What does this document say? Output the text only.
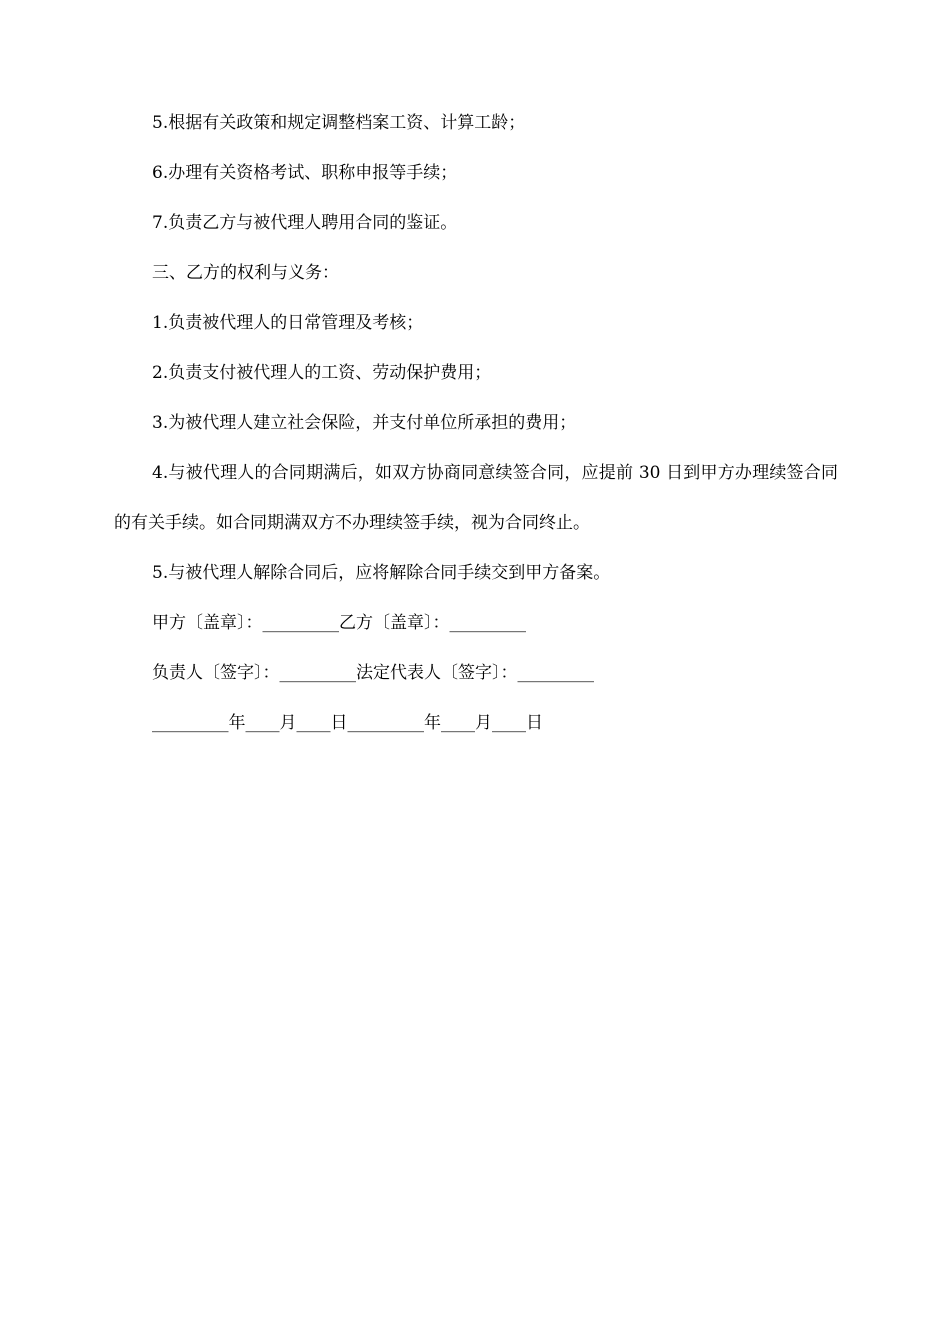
5.根据有关政策和规定调整档案工资、计算工龄；

6.办理有关资格考试、职称申报等手续；

7.负责乙方与被代理人聘用合同的鉴证。

三、乙方的权利与义务：

1.负责被代理人的日常管理及考核；

2.负责支付被代理人的工资、劳动保护费用；

3.为被代理人建立社会保险，并支付单位所承担的费用；

4.与被代理人的合同期满后，如双方协商同意续签合同，应提前 30 日到甲方办理续签合同的有关手续。如合同期满双方不办理续签手续，视为合同终止。

5.与被代理人解除合同后，应将解除合同手续交到甲方备案。

甲方〔盖章〕：_________乙方〔盖章〕：_________

负责人〔签字〕：_________法定代表人〔签字〕：_________

_________年____月____日_________年____月____日
